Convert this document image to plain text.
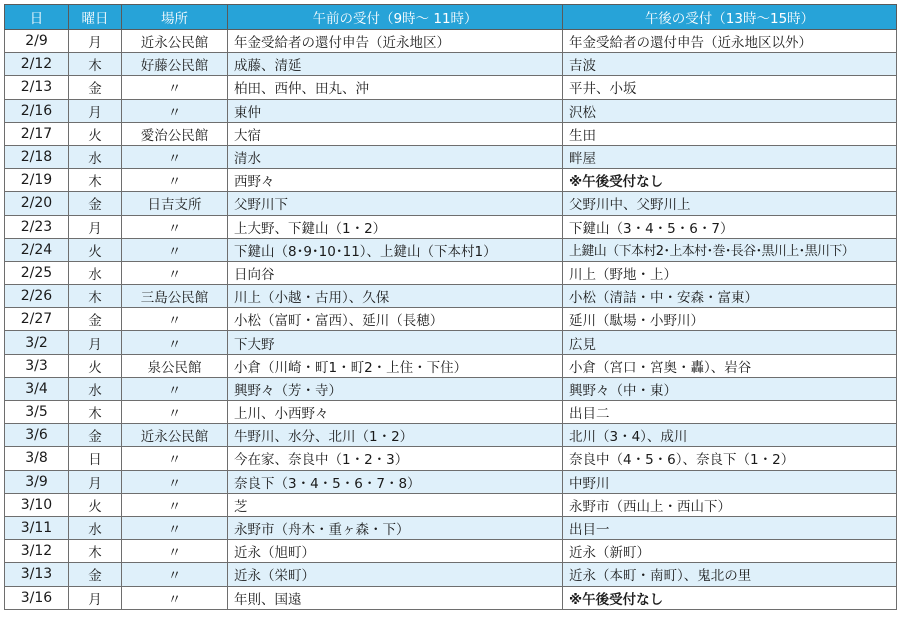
日	曜日	場所	午前の受付（9時～ 11時）	午後の受付（13時～15時）
2/9	月	近永公民館	年金受給者の還付申告（近永地区）	年金受給者の還付申告（近永地区以外）
2/12	木	好藤公民館	成藤、清延	吉波
2/13	金	〃	柏田、西仲、田丸、沖	平井、小坂
2/16	月	〃	東仲	沢松
2/17	火	愛治公民館	大宿	生田
2/18	水	〃	清水	畔屋
2/19	木	〃	西野々	※午後受付なし
2/20	金	日吉支所	父野川下	父野川中、父野川上
2/23	月	〃	上大野、下鍵山（1・2）	下鍵山（3・4・5・6・7）
2/24	火	〃	下鍵山（8･9･10･11）、上鍵山（下本村1）	上鍵山（下本村2･上本村･巻･長谷･黒川上･黒川下）
2/25	水	〃	日向谷	川上（野地・上）
2/26	木	三島公民館	川上（小越・古用）、久保	小松（清詰・中・安森・富東）
2/27	金	〃	小松（富町・富西）、延川（長穂）	延川（駄場・小野川）
3/2	月	〃	下大野	広見
3/3	火	泉公民館	小倉（川崎・町1・町2・上住・下住）	小倉（宮口・宮奥・轟）、岩谷
3/4	水	〃	興野々（芳・寺）	興野々（中・東）
3/5	木	〃	上川、小西野々	出目二
3/6	金	近永公民館	牛野川、水分、北川（1・2）	北川（3・4）、成川
3/8	日	〃	今在家、奈良中（1・2・3）	奈良中（4・5・6）、奈良下（1・2）
3/9	月	〃	奈良下（3・4・5・6・7・8）	中野川
3/10	火	〃	芝	永野市（西山上・西山下）
3/11	水	〃	永野市（舟木・重ヶ森・下）	出目一
3/12	木	〃	近永（旭町）	近永（新町）
3/13	金	〃	近永（栄町）	近永（本町・南町）、鬼北の里
3/16	月	〃	年則、国遠	※午後受付なし
